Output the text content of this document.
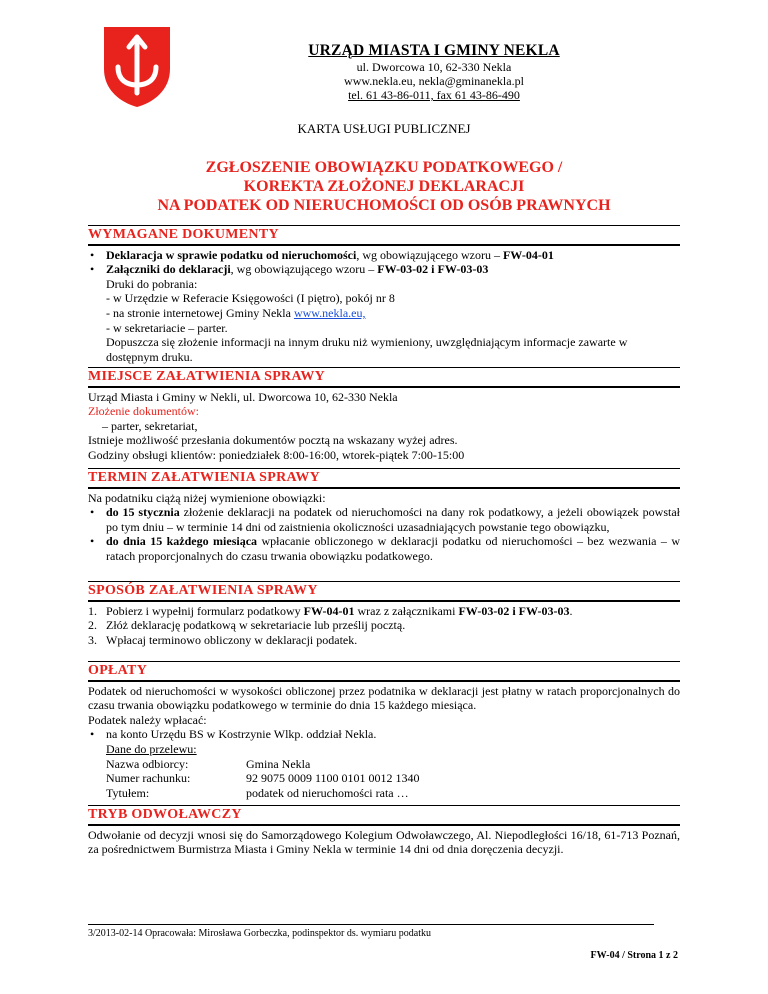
URZĄD MIASTA I GMINY NEKLA
ul. Dworcowa 10, 62-330 Nekla
www.nekla.eu, nekla@gminanekla.pl
tel. 61 43-86-011, fax 61 43-86-490
KARTA USŁUGI PUBLICZNEJ
ZGŁOSZENIE OBOWIĄZKU PODATKOWEGO /
KOREKTA ZŁOŻONEJ DEKLARACJI
NA PODATEK OD NIERUCHOMOŚCI OD OSÓB PRAWNYCH
WYMAGANE DOKUMENTY
• Deklaracja w sprawie podatku od nieruchomości, wg obowiązującego wzoru – FW-04-01
• Załączniki do deklaracji, wg obowiązującego wzoru – FW-03-02 i FW-03-03
Druki do pobrania:
- w Urzędzie w Referacie Księgowości (I piętro), pokój nr 8
- na stronie internetowej Gminy Nekla www.nekla.eu,
- w sekretariacie – parter.
Dopuszcza się złożenie informacji na innym druku niż wymieniony, uwzględniającym informacje zawarte w dostępnym druku.
MIEJSCE ZAŁATWIENIA SPRAWY
Urząd Miasta i Gminy w Nekli, ul. Dworcowa 10, 62-330 Nekla
Złożenie dokumentów:
– parter, sekretariat,
Istnieje możliwość przesłania dokumentów pocztą na wskazany wyżej adres.
Godziny obsługi klientów: poniedziałek 8:00-16:00, wtorek-piątek 7:00-15:00
TERMIN ZAŁATWIENIA SPRAWY
Na podatniku ciążą niżej wymienione obowiązki:
• do 15 stycznia złożenie deklaracji na podatek od nieruchomości na dany rok podatkowy, a jeżeli obowiązek powstał po tym dniu – w terminie 14 dni od zaistnienia okoliczności uzasadniających powstanie tego obowiązku,
• do dnia 15 każdego miesiąca wpłacanie obliczonego w deklaracji podatku od nieruchomości – bez wezwania – w ratach proporcjonalnych do czasu trwania obowiązku podatkowego.
SPOSÓB ZAŁATWIENIA SPRAWY
1. Pobierz i wypełnij formularz podatkowy FW-04-01 wraz z załącznikami FW-03-02 i FW-03-03.
2. Złóż deklarację podatkową w sekretariacie lub prześlij pocztą.
3. Wpłacaj terminowo obliczony w deklaracji podatek.
OPŁATY
Podatek od nieruchomości w wysokości obliczonej przez podatnika w deklaracji jest płatny w ratach proporcjonalnych do czasu trwania obowiązku podatkowego w terminie do dnia 15 każdego miesiąca.
Podatek należy wpłacać:
• na konto Urzędu BS w Kostrzynie Wlkp. oddział Nekla.
Dane do przelewu:
Nazwa odbiorcy:	Gmina Nekla
Numer rachunku:	92 9075 0009 1100 0101 0012 1340
Tytułem:	podatek od nieruchomości rata …
TRYB ODWOŁAWCZY
Odwołanie od decyzji wnosi się do Samorządowego Kolegium Odwoławczego, Al. Niepodległości 16/18, 61-713 Poznań, za pośrednictwem Burmistrza Miasta i Gminy Nekla w terminie 14 dni od dnia doręczenia decyzji.
3/2013-02-14 Opracowała: Mirosława Gorbeczka, podinspektor ds. wymiaru podatku
FW-04 / Strona 1 z 2
